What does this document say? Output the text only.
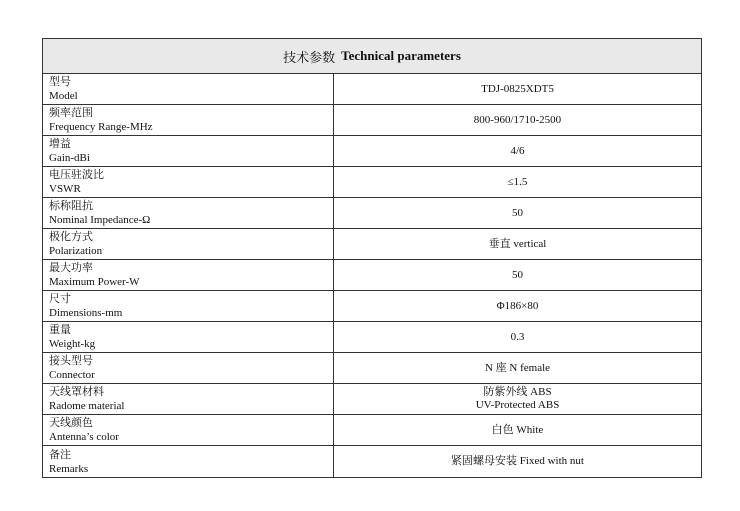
技术参数 Technical parameters
型号
Model
TDJ-0825XDT5
频率范围
Frequency Range-MHz
800-960/1710-2500
增益
Gain-dBi
4/6
电压驻波比
VSWR
≤1.5
标称阻抗
Nominal Impedance-Ω
50
极化方式
Polarization
垂直 vertical
最大功率
Maximum Power-W
50
尺寸
Dimensions-mm
Φ186×80
重量
Weight-kg
0.3
接头型号
Connector
N 座 N female
天线罩材料
Radome material
防紫外线 ABS
UV-Protected ABS
天线颜色
Antenna’s color
白色 White
备注
Remarks
紧固螺母安装 Fixed with nut
